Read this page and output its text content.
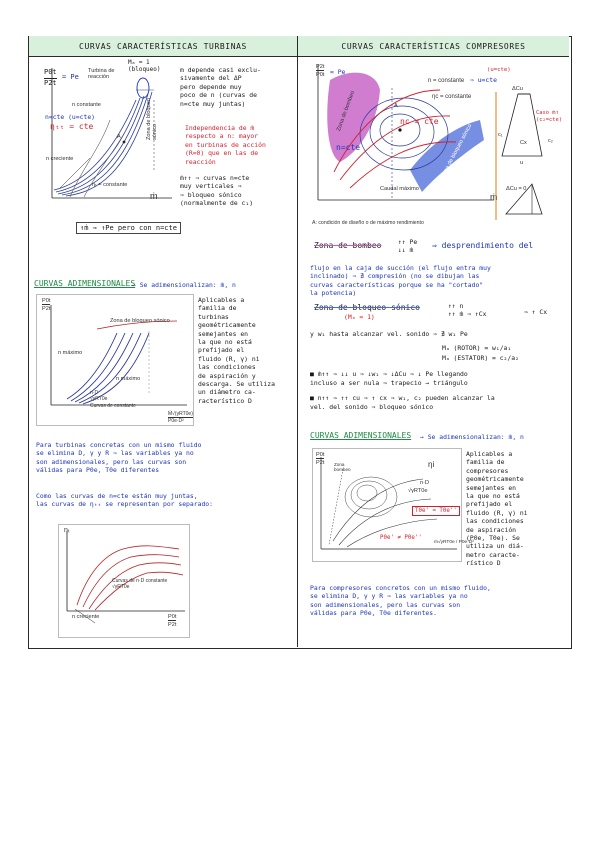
CURVAS CARACTERÍSTICAS TURBINAS	CURVAS CARACTERÍSTICAS COMPRESORES
P0t
P2t
= Pe
Turbina de
reacción
Mₐ = 1
(bloqueo)
n constante
n=cte (u=cte)
ηₜₜ = cte
n creciente
ηₜ = constante
Zona de bloqueo
sónico
ṁ
A
m depende casi exclu-
sivamente del ΔP
pero depende muy
poco de n (curvas de
n=cte muy juntas)
Independencia de ṁ
respecto a n: mayor
en turbinas de acción
(R=0) que en las de
reacción
ṁ↑↑ ⇒ curvas n=cte
muy verticales ⇒
⇒ bloqueo sónico
(normalmente de c₁)
↑ṁ ⇒ ↑Pe pero con n=cte
CURVAS ADIMENSIONALES
→ Se adimensionalizan: ṁ, n
P0t
P2t
Zona de bloqueo sónico
n máximo
n máximo
n·D
√γRT0e
Curvas de constante
Ṁ√(γRT0e)
P0e·D²
Aplicables a
familia de
turbinas
geométricamente
semejantes en
la que no está
prefijado el
fluido (R, γ) ni
las condiciones
de aspiración y
descarga. Se utiliza
un diámetro ca-
racterístico D
Para turbinas concretas con un mismo fluido
se elimina D, γ y R ⇒ las variables ya no
son adimensionales, pero las curvas son
válidas para P0e, T0e diferentes
Como las curvas de n=cte están muy juntas,
las curvas de ηₜₜ se representan por separado:
ηₜ
n creciente
Curvas de n·D constante
√γRT0e
P0t
P2t
P2t
P0t = Pe
n = constante ⇒ u=cte
(u=cte)
ηc = constante
Zona de bombeo
Zona de bloqueo sónico
Caudal máximo
n=cte
ηc = cte
A
ṁ
A: condición de diseño o de máximo rendimiento
ΔCu
ΔCu = 0
Cx
Caso ṁ↑
(c₂=cte)
u
c₁
c₂
Zona de bombeo	↑↑ Pe
↓↓ ṁ
⇒ desprendimiento del
flujo en la caja de succión (el flujo entra muy
inclinado) ⇒ ∄ compresión (no se dibujan las
curvas características porque se ha "cortado"
la potencia)
Zona de bloqueo sónico
(Mₐ = 1)
↑↑ n
↑↑ ṁ ⇒ ↑Cx	⇒ ↑ Cx
y w₁ hasta alcanzar vel. sonido ⇒ ∄ w₁ Pe
Mₐ (ROTOR) = w₁/a₁
Mₐ (ESTATOR) = c₂/a₂
■ ṁ↑↑ ⇒ ↓↓ u ⇒ ↓w₁ ⇒ ↓ΔCu ⇒ ↓ Pe llegando
incluso a ser nula ⇒ trapecio → triángulo
■ n↑↑ ⇒ ↑↑ cu ⇒ ↑ cx ⇒ w₁, c₂ pueden alcanzar la
vel. del sonido ⇒ bloqueo sónico
CURVAS ADIMENSIONALES → Se adimensionalizan: ṁ, n
P0t
P2t Zona
bombeo
ηi
n·D
√γRT0e
T0e' = T0e''
P0e' ≠ P0e''
ṁ√γRT0e / P0e·D²
Aplicables a
familia de
compresores
geométricamente
semejantes en
la que no está
prefijado el
fluido (R, γ) ni
las condiciones
de aspiración
(P0e, T0e). Se
utiliza un diá-
metro caracte-
rístico D
Para compresores concretos con un mismo fluido,
se elimina D, γ y R ⇒ las variables ya no
son adimensionales, pero las curvas son
válidas para P0e, T0e diferentes.
